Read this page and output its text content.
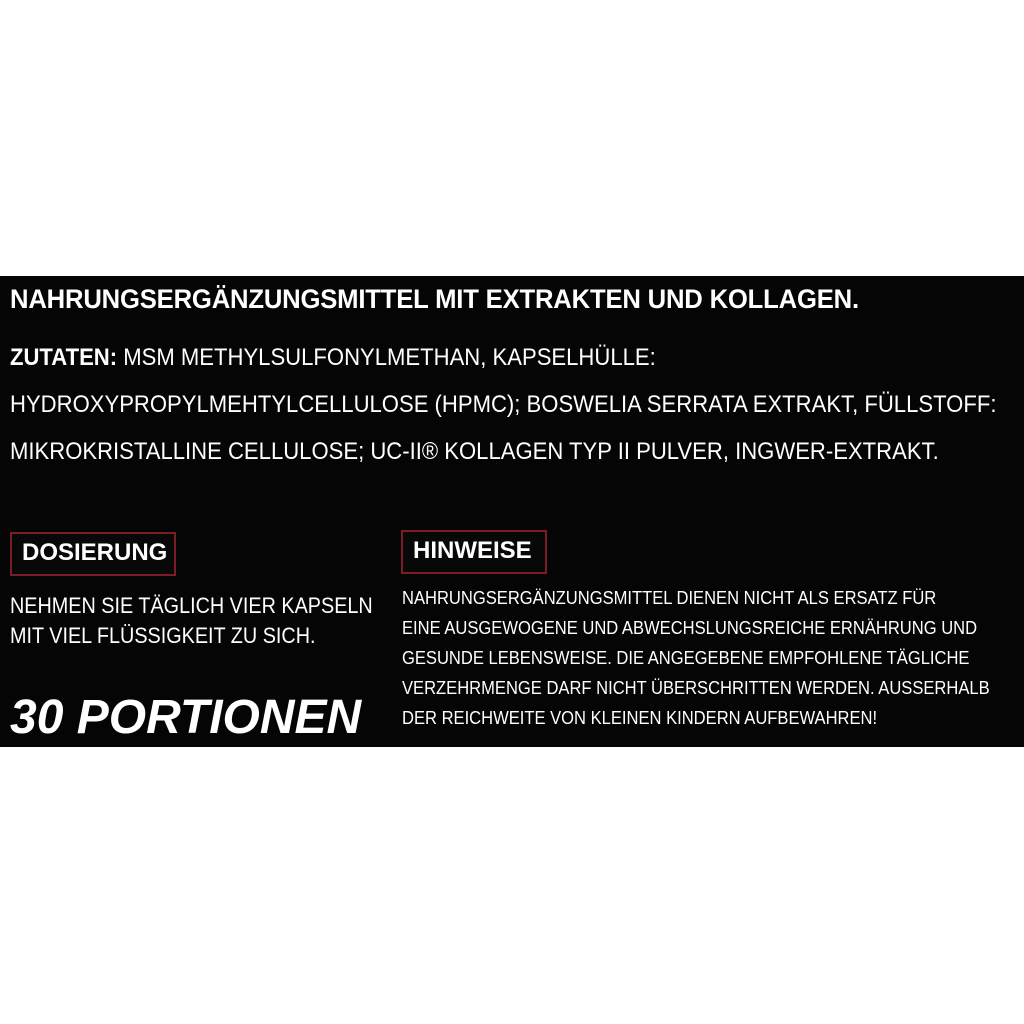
NAHRUNGSERGÄNZUNGSMITTEL MIT EXTRAKTEN UND KOLLAGEN.
ZUTATEN: MSM METHYLSULFONYLMETHAN, KAPSELHÜLLE: HYDROXYPROPYLMEHTYLCELLULOSE (HPMC); BOSWELIA SERRATA EXTRAKT, FÜLLSTOFF: MIKROKRISTALLINE CELLULOSE; UC-II® KOLLAGEN TYP II PULVER, INGWER-EXTRAKT.
DOSIERUNG
NEHMEN SIE TÄGLICH VIER KAPSELN
MIT VIEL FLÜSSIGKEIT ZU SICH.
30 PORTIONEN
HINWEISE
NAHRUNGSERGÄNZUNGSMITTEL DIENEN NICHT ALS ERSATZ FÜR
EINE AUSGEWOGENE UND ABWECHSLUNGSREICHE ERNÄHRUNG UND
GESUNDE LEBENSWEISE. DIE ANGEGEBENE EMPFOHLENE TÄGLICHE
VERZEHRMENGE DARF NICHT ÜBERSCHRITTEN WERDEN. AUSSERHALB
DER REICHWEITE VON KLEINEN KINDERN AUFBEWAHREN!
